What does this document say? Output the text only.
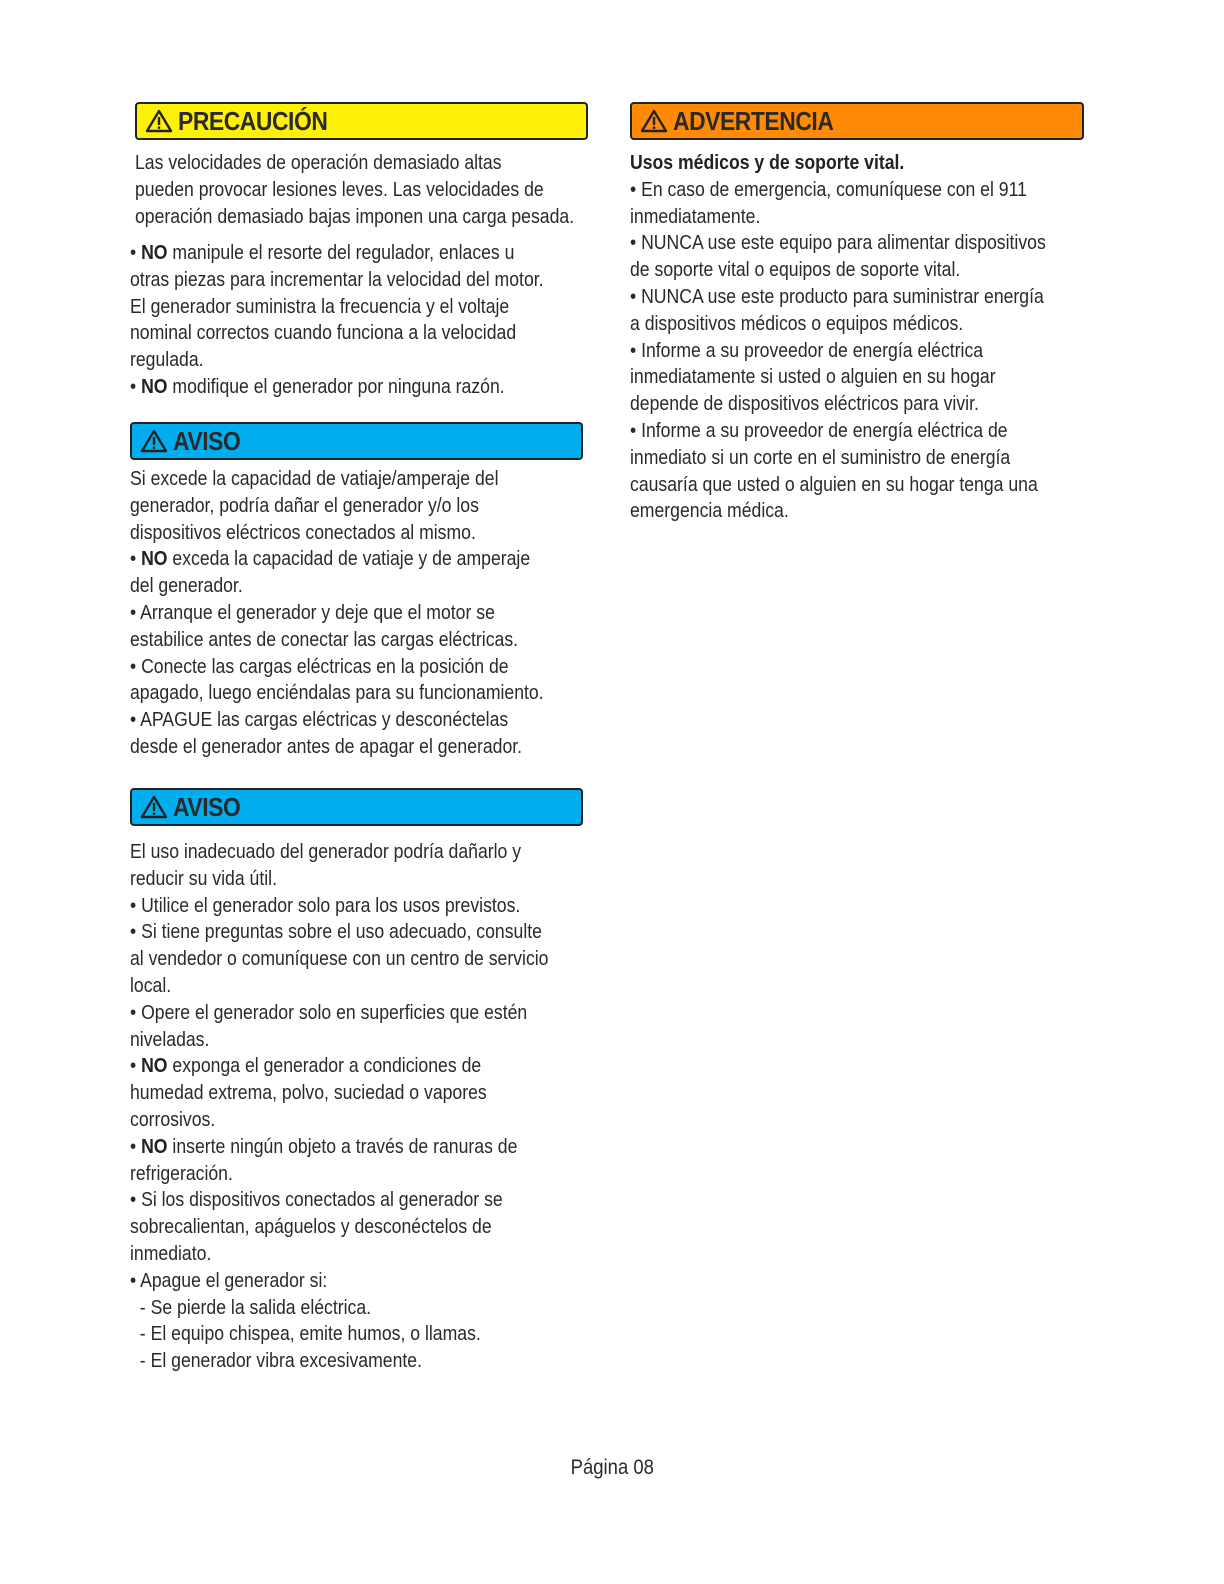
PRECAUCIÓN
Las velocidades de operación demasiado altas
pueden provocar lesiones leves. Las velocidades de
operación demasiado bajas imponen una carga pesada.
• NO manipule el resorte del regulador, enlaces u
otras piezas para incrementar la velocidad del motor.
El generador suministra la frecuencia y el voltaje
nominal correctos cuando funciona a la velocidad
regulada.
• NO modifique el generador por ninguna razón.
AVISO
Si excede la capacidad de vatiaje/amperaje del
generador, podría dañar el generador y/o los
dispositivos eléctricos conectados al mismo.
• NO exceda la capacidad de vatiaje y de amperaje
del generador.
• Arranque el generador y deje que el motor se
estabilice antes de conectar las cargas eléctricas.
• Conecte las cargas eléctricas en la posición de
apagado, luego enciéndalas para su funcionamiento.
• APAGUE las cargas eléctricas y desconéctelas
desde el generador antes de apagar el generador.
AVISO
El uso inadecuado del generador podría dañarlo y
reducir su vida útil.
• Utilice el generador solo para los usos previstos.
• Si tiene preguntas sobre el uso adecuado, consulte
al vendedor o comuníquese con un centro de servicio
local.
• Opere el generador solo en superficies que estén
niveladas.
• NO exponga el generador a condiciones de
humedad extrema, polvo, suciedad o vapores
corrosivos.
• NO inserte ningún objeto a través de ranuras de
refrigeración.
• Si los dispositivos conectados al generador se
sobrecalientan, apáguelos y desconéctelos de
inmediato.
• Apague el generador si:
- Se pierde la salida eléctrica.
- El equipo chispea, emite humos, o llamas.
- El generador vibra excesivamente.
ADVERTENCIA
Usos médicos y de soporte vital.
• En caso de emergencia, comuníquese con el 911
inmediatamente.
• NUNCA use este equipo para alimentar dispositivos
de soporte vital o equipos de soporte vital.
• NUNCA use este producto para suministrar energía
a dispositivos médicos o equipos médicos.
• Informe a su proveedor de energía eléctrica
inmediatamente si usted o alguien en su hogar
depende de dispositivos eléctricos para vivir.
• Informe a su proveedor de energía eléctrica de
inmediato si un corte en el suministro de energía
causaría que usted o alguien en su hogar tenga una
emergencia médica.
Página 08
